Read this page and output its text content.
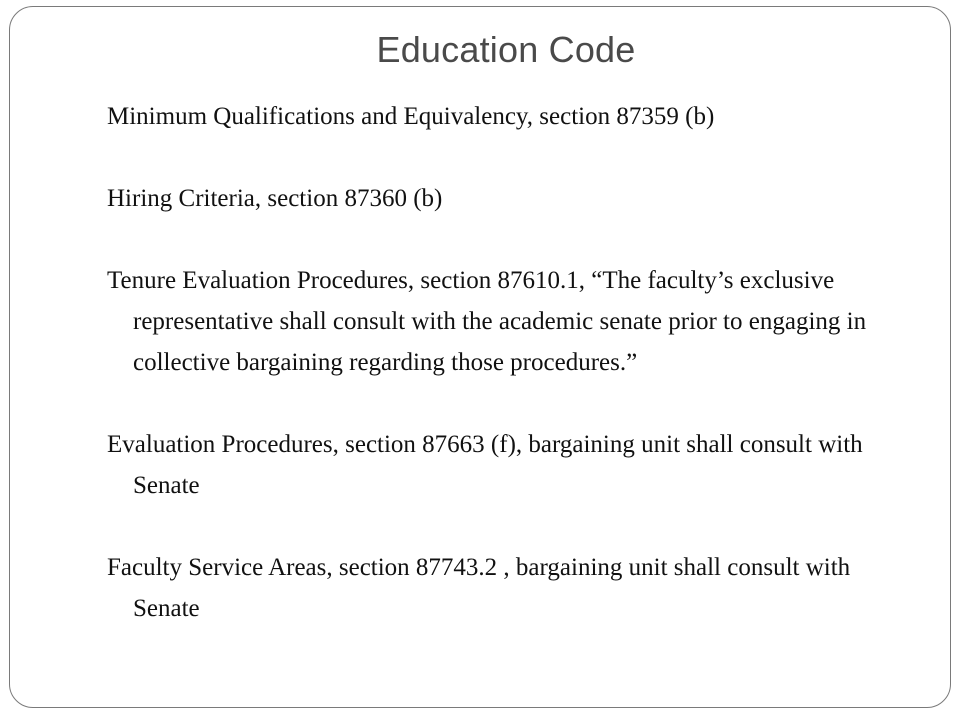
Education Code
Minimum Qualifications and Equivalency, section 87359 (b)
Hiring Criteria, section 87360 (b)
Tenure Evaluation Procedures, section 87610.1, “The faculty’s exclusive representative shall consult with the academic senate prior to engaging in collective bargaining regarding those procedures.”
Evaluation Procedures, section 87663 (f), bargaining unit shall consult with Senate
Faculty Service Areas, section 87743.2 , bargaining unit shall consult with Senate
